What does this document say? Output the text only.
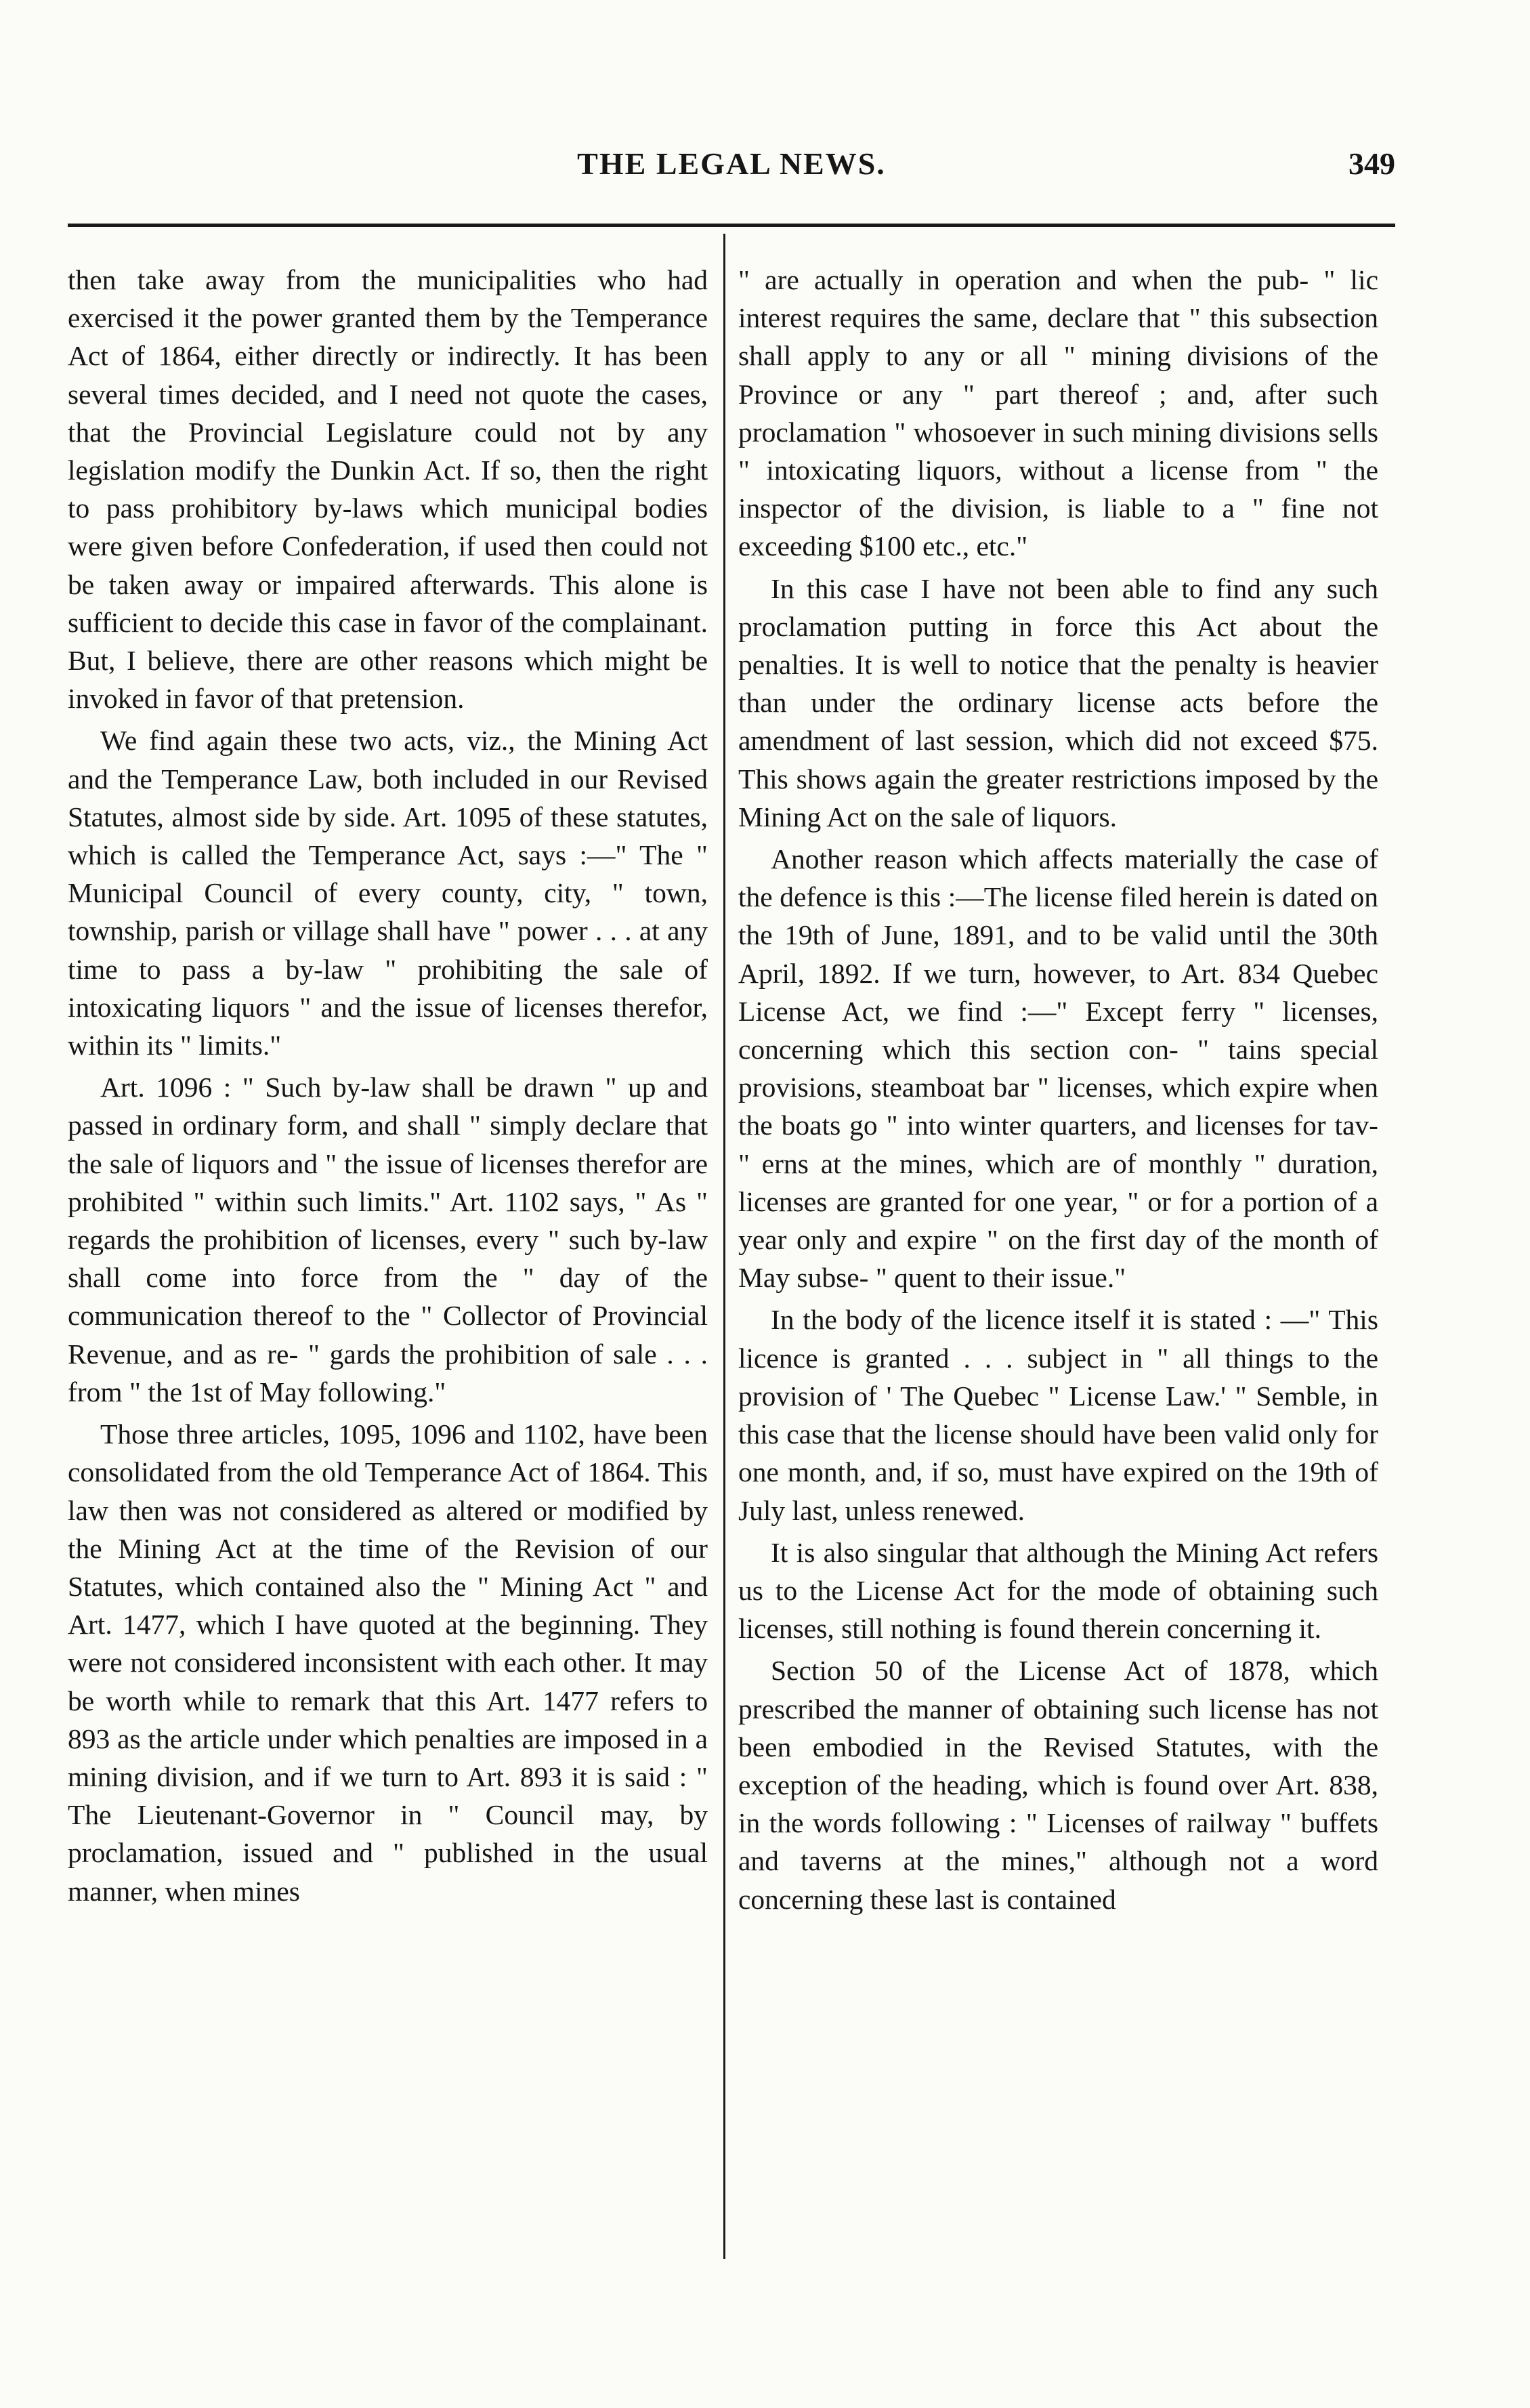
THE LEGAL NEWS.	349

then take away from the municipalities who had exercised it the power granted them by the Temperance Act of 1864, either directly or indirectly. It has been several times decided, and I need not quote the cases, that the Provincial Legislature could not by any legislation modify the Dunkin Act. If so, then the right to pass prohibitory by-laws which municipal bodies were given before Confederation, if used then could not be taken away or impaired afterwards. This alone is sufficient to decide this case in favor of the complainant. But, I believe, there are other reasons which might be invoked in favor of that pretension.

We find again these two acts, viz., the Mining Act and the Temperance Law, both included in our Revised Statutes, almost side by side. Art. 1095 of these statutes, which is called the Temperance Act, says :—" The " Municipal Council of every county, city, " town, township, parish or village shall have " power . . . at any time to pass a by-law " prohibiting the sale of intoxicating liquors " and the issue of licenses therefor, within its " limits."

Art. 1096 : " Such by-law shall be drawn " up and passed in ordinary form, and shall " simply declare that the sale of liquors and " the issue of licenses therefor are prohibited " within such limits." Art. 1102 says, " As " regards the prohibition of licenses, every " such by-law shall come into force from the " day of the communication thereof to the " Collector of Provincial Revenue, and as re- " gards the prohibition of sale . . . from " the 1st of May following."

Those three articles, 1095, 1096 and 1102, have been consolidated from the old Temperance Act of 1864. This law then was not considered as altered or modified by the Mining Act at the time of the Revision of our Statutes, which contained also the " Mining Act " and Art. 1477, which I have quoted at the beginning. They were not considered inconsistent with each other. It may be worth while to remark that this Art. 1477 refers to 893 as the article under which penalties are imposed in a mining division, and if we turn to Art. 893 it is said : " The Lieutenant-Governor in " Council may, by proclamation, issued and " published in the usual manner, when mines

" are actually in operation and when the pub- " lic interest requires the same, declare that " this subsection shall apply to any or all " mining divisions of the Province or any " part thereof ; and, after such proclamation " whosoever in such mining divisions sells " intoxicating liquors, without a license from " the inspector of the division, is liable to a " fine not exceeding $100 etc., etc."

In this case I have not been able to find any such proclamation putting in force this Act about the penalties. It is well to notice that the penalty is heavier than under the ordinary license acts before the amendment of last session, which did not exceed $75. This shows again the greater restrictions imposed by the Mining Act on the sale of liquors.

Another reason which affects materially the case of the defence is this :—The license filed herein is dated on the 19th of June, 1891, and to be valid until the 30th April, 1892. If we turn, however, to Art. 834 Quebec License Act, we find :—" Except ferry " licenses, concerning which this section con- " tains special provisions, steamboat bar " licenses, which expire when the boats go " into winter quarters, and licenses for tav- " erns at the mines, which are of monthly " duration, licenses are granted for one year, " or for a portion of a year only and expire " on the first day of the month of May subse- " quent to their issue."

In the body of the licence itself it is stated : —" This licence is granted . . . subject in " all things to the provision of ' The Quebec " License Law.' " Semble, in this case that the license should have been valid only for one month, and, if so, must have expired on the 19th of July last, unless renewed.

It is also singular that although the Mining Act refers us to the License Act for the mode of obtaining such licenses, still nothing is found therein concerning it.

Section 50 of the License Act of 1878, which prescribed the manner of obtaining such license has not been embodied in the Revised Statutes, with the exception of the heading, which is found over Art. 838, in the words following : " Licenses of railway " buffets and taverns at the mines," although not a word concerning these last is contained
